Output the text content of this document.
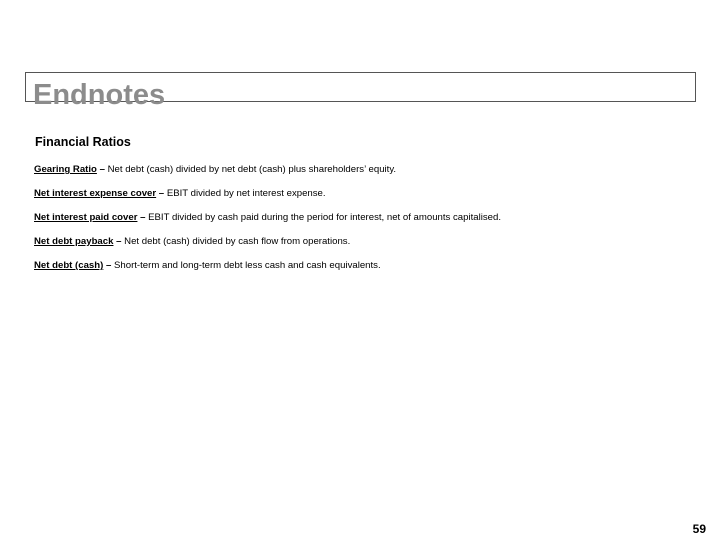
Endnotes
Financial Ratios
Gearing Ratio – Net debt (cash) divided by net debt (cash) plus shareholders’ equity.
Net interest expense cover – EBIT divided by net interest expense.
Net interest paid cover – EBIT divided by cash paid during the period for interest, net of amounts capitalised.
Net debt payback – Net debt (cash) divided by cash flow from operations.
Net debt (cash) – Short-term and long-term debt less cash and cash equivalents.
59
